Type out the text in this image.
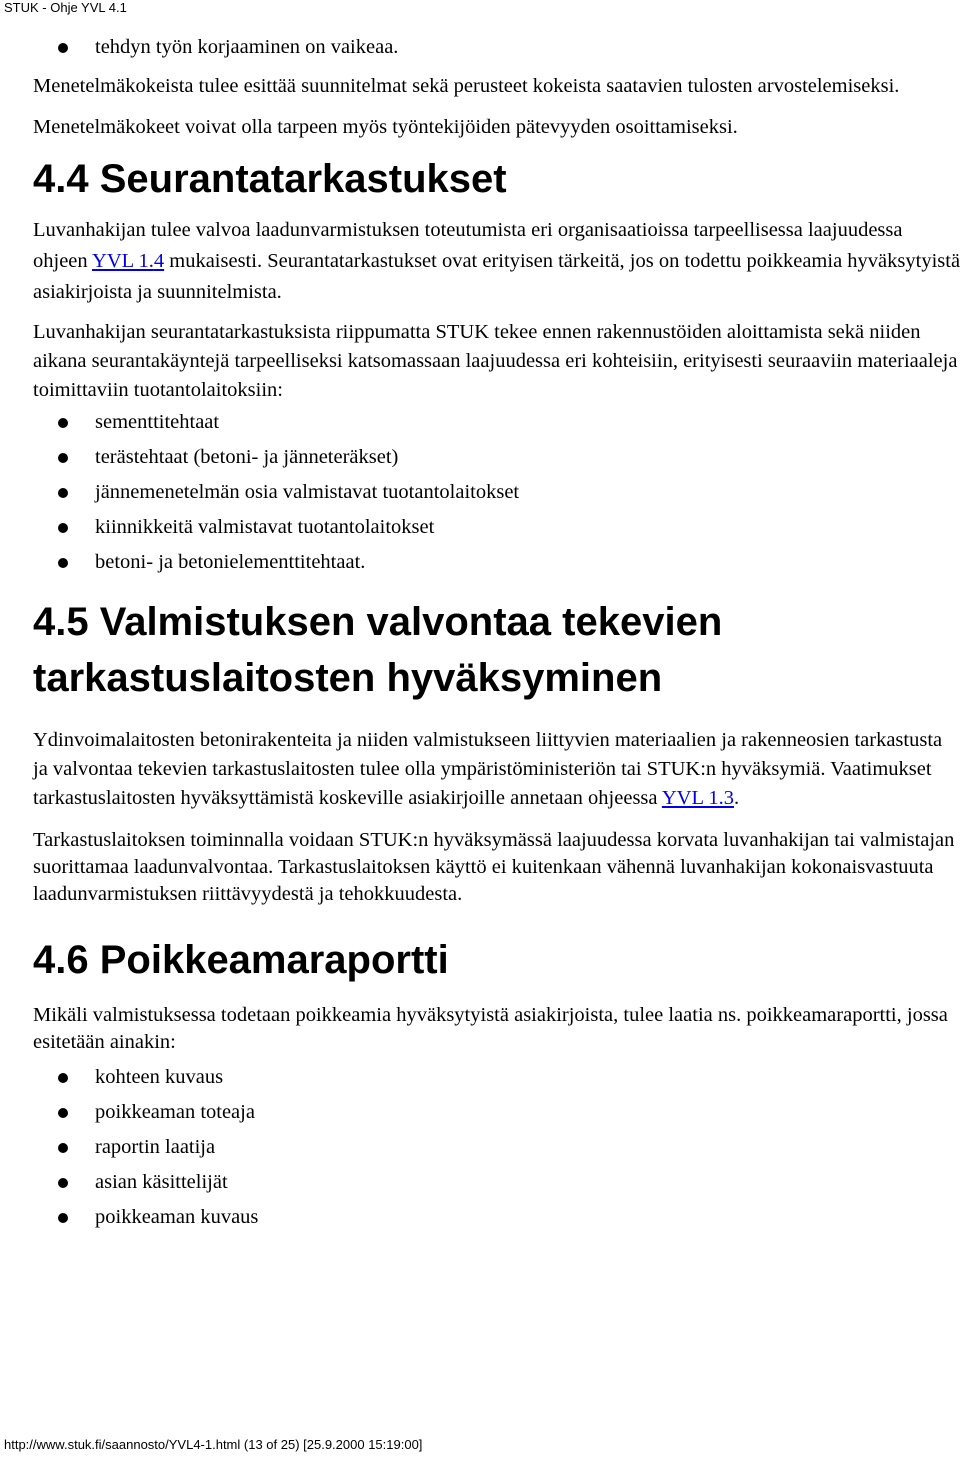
STUK - Ohje YVL 4.1
tehdyn työn korjaaminen on vaikeaa.

Menetelmäkokeista tulee esittää suunnitelmat sekä perusteet kokeista saatavien tulosten arvostelemiseksi.

Menetelmäkokeet voivat olla tarpeen myös työntekijöiden pätevyyden osoittamiseksi.

4.4 Seurantatarkastukset

Luvanhakijan tulee valvoa laadunvarmistuksen toteutumista eri organisaatioissa tarpeellisessa laajuudessa ohjeen YVL 1.4 mukaisesti. Seurantatarkastukset ovat erityisen tärkeitä, jos on todettu poikkeamia hyväksytyistä asiakirjoista ja suunnitelmista.

Luvanhakijan seurantatarkastuksista riippumatta STUK tekee ennen rakennustöiden aloittamista sekä niiden aikana seurantakäyntejä tarpeelliseksi katsomassaan laajuudessa eri kohteisiin, erityisesti seuraaviin materiaaleja toimittaviin tuotantolaitoksiin:

sementtitehtaat
terästehtaat (betoni- ja jänneteräkset)
jännemenetelmän osia valmistavat tuotantolaitokset
kiinnikkeitä valmistavat tuotantolaitokset
betoni- ja betonielementtitehtaat.
4.5 Valmistuksen valvontaa tekevien tarkastuslaitosten hyväksyminen

Ydinvoimalaitosten betonirakenteita ja niiden valmistukseen liittyvien materiaalien ja rakenneosien tarkastusta ja valvontaa tekevien tarkastuslaitosten tulee olla ympäristöministeriön tai STUK:n hyväksymiä. Vaatimukset tarkastuslaitosten hyväksyttämistä koskeville asiakirjoille annetaan ohjeessa YVL 1.3.

Tarkastuslaitoksen toiminnalla voidaan STUK:n hyväksymässä laajuudessa korvata luvanhakijan tai valmistajan suorittamaa laadunvalvontaa. Tarkastuslaitoksen käyttö ei kuitenkaan vähennä luvanhakijan kokonaisvastuuta laadunvarmistuksen riittävyydestä ja tehokkuudesta.

4.6 Poikkeamaraportti

Mikäli valmistuksessa todetaan poikkeamia hyväksytyistä asiakirjoista, tulee laatia ns. poikkeamaraportti, jossa esitetään ainakin:

kohteen kuvaus
poikkeaman toteaja
raportin laatija
asian käsittelijät
poikkeaman kuvaus
http://www.stuk.fi/saannosto/YVL4-1.html (13 of 25) [25.9.2000 15:19:00]
